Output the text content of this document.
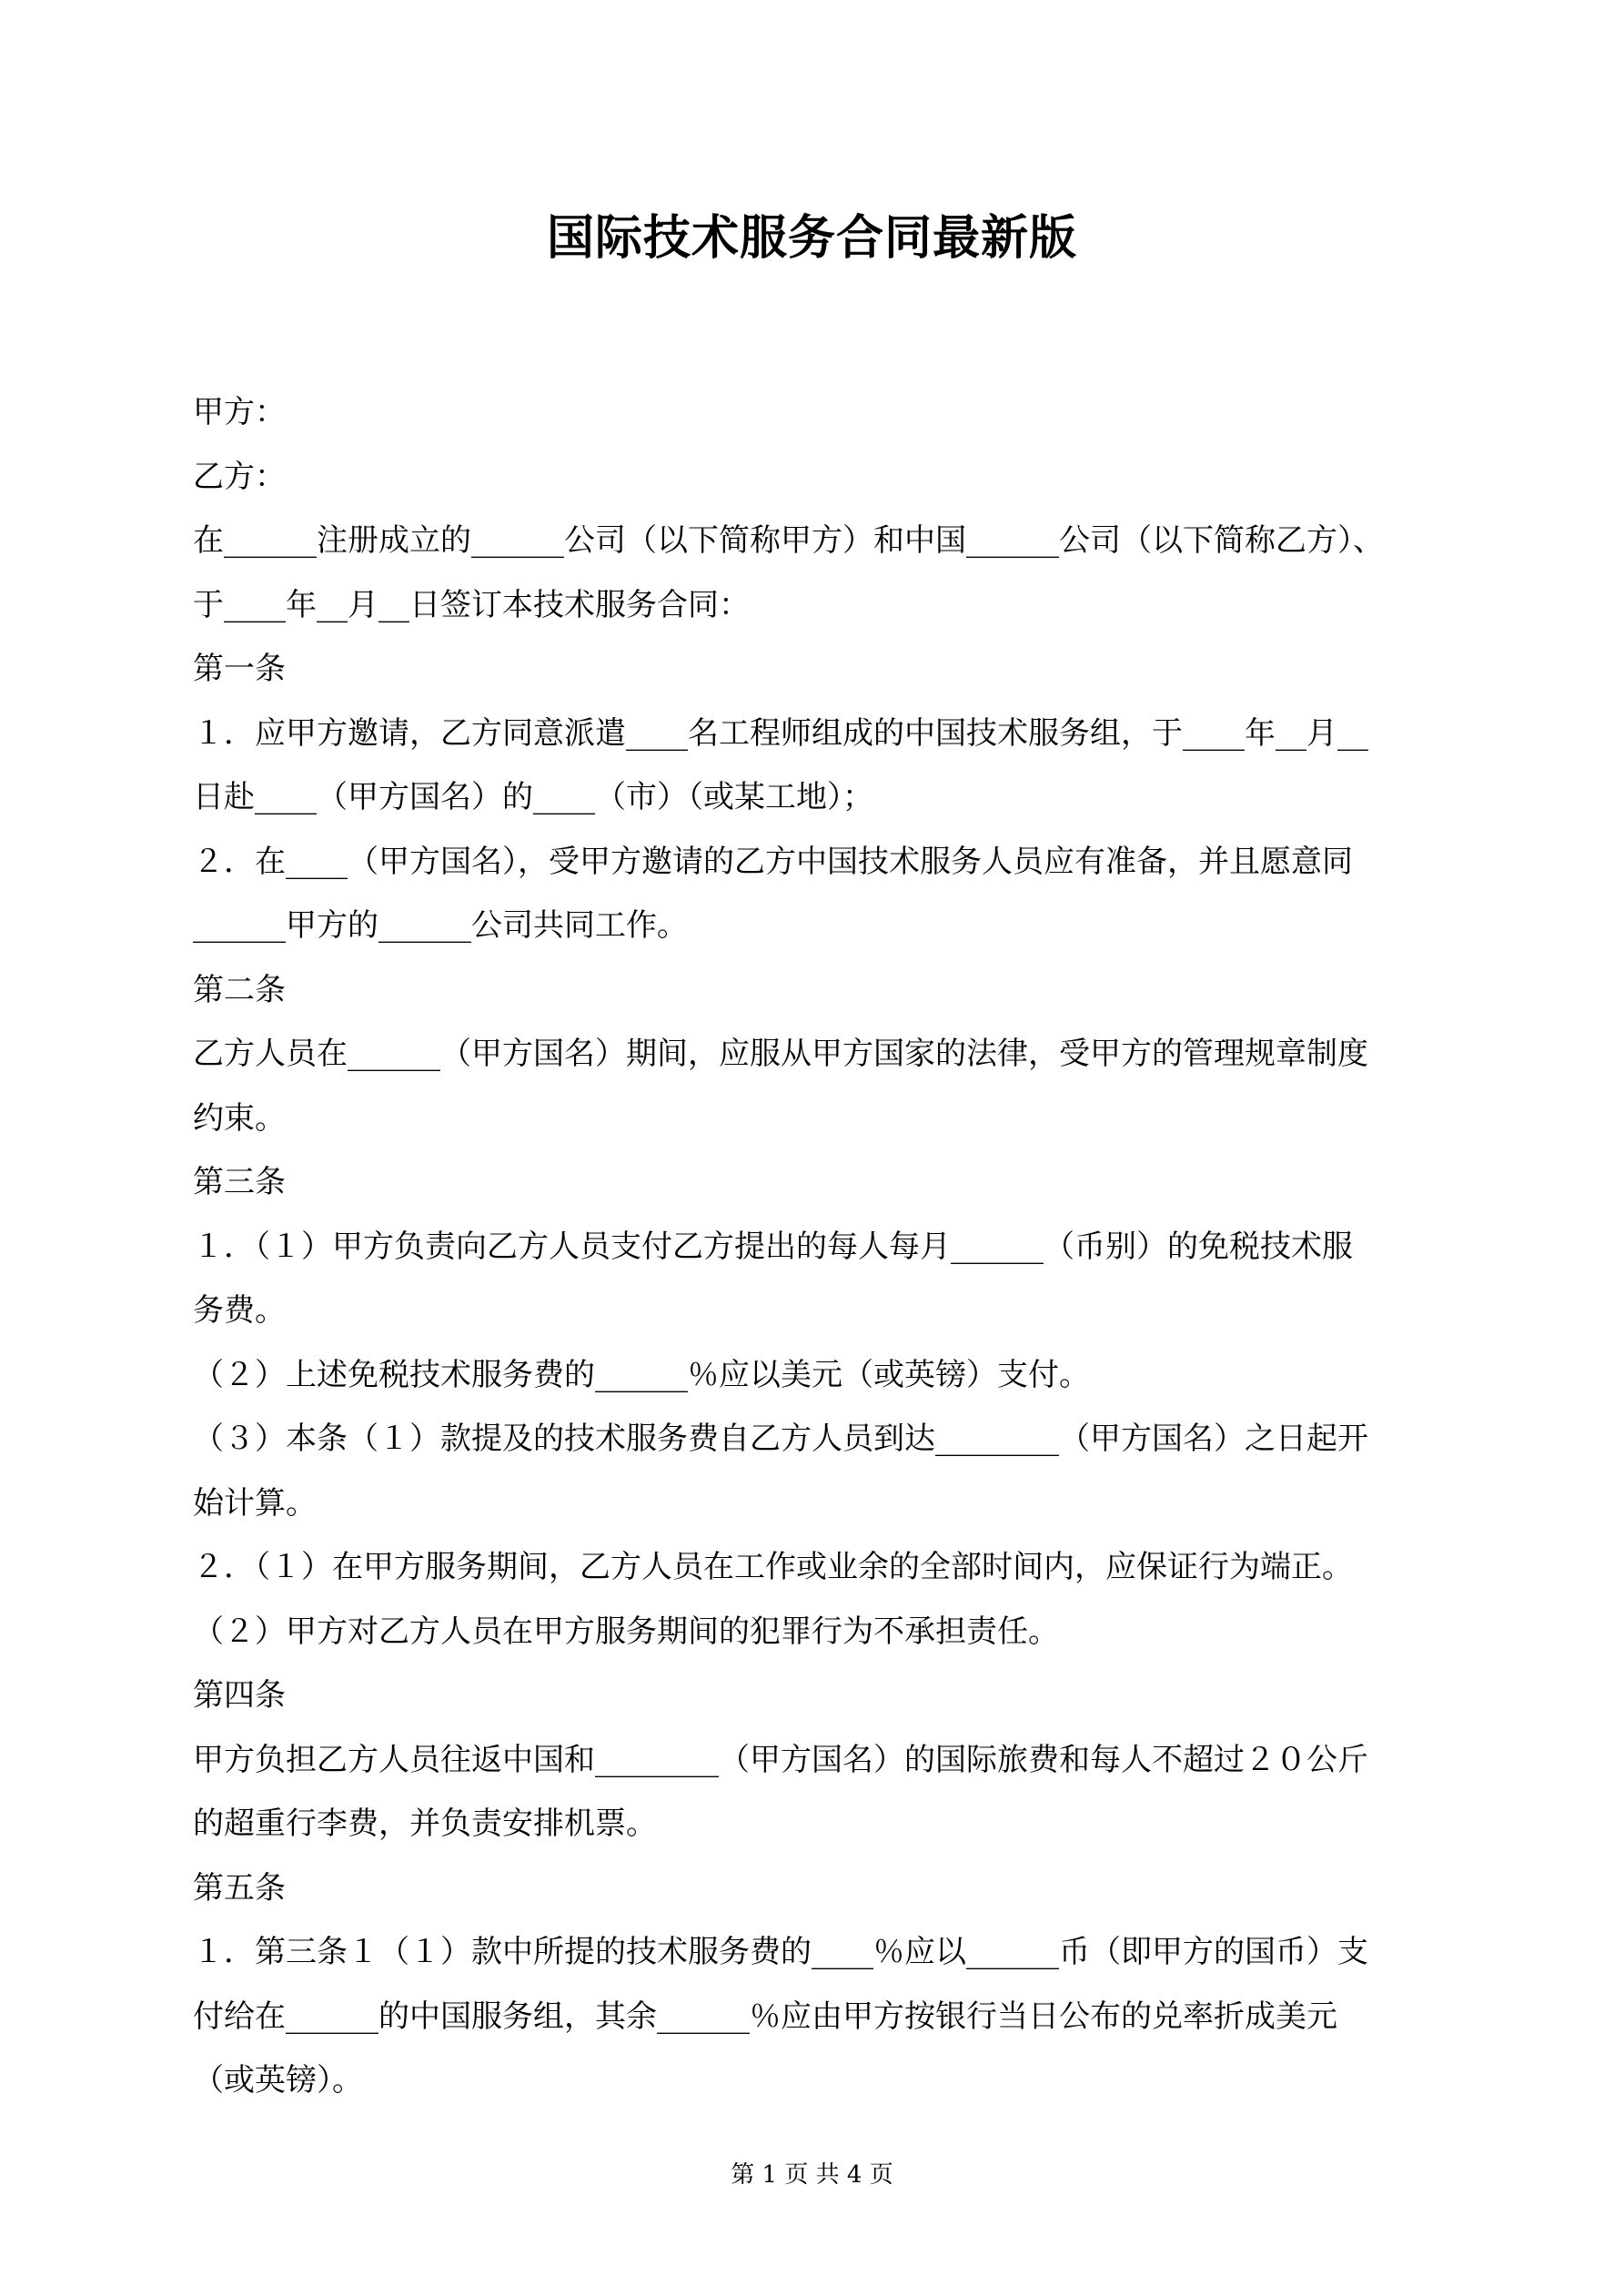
国际技术服务合同最新版
甲方：
乙方：
在______注册成立的______公司（以下简称甲方）和中国______公司（以下简称乙方）、
于____年__月__日签订本技术服务合同：
第一条
１．应甲方邀请，乙方同意派遣____名工程师组成的中国技术服务组，于____年__月__
日赴____（甲方国名）的____（市）（或某工地）；
２．在____（甲方国名），受甲方邀请的乙方中国技术服务人员应有准备，并且愿意同
______甲方的______公司共同工作。
第二条
乙方人员在______（甲方国名）期间，应服从甲方国家的法律，受甲方的管理规章制度
约束。
第三条
１．（１）甲方负责向乙方人员支付乙方提出的每人每月______（币别）的免税技术服
务费。
（２）上述免税技术服务费的______％应以美元（或英镑）支付。
（３）本条（１）款提及的技术服务费自乙方人员到达________（甲方国名）之日起开
始计算。
２．（１）在甲方服务期间，乙方人员在工作或业余的全部时间内，应保证行为端正。
（２）甲方对乙方人员在甲方服务期间的犯罪行为不承担责任。
第四条
甲方负担乙方人员往返中国和________（甲方国名）的国际旅费和每人不超过２０公斤
的超重行李费，并负责安排机票。
第五条
１．第三条１（１）款中所提的技术服务费的____％应以______币（即甲方的国币）支
付给在______的中国服务组，其余______％应由甲方按银行当日公布的兑率折成美元
（或英镑）。
第 1 页 共 4 页
